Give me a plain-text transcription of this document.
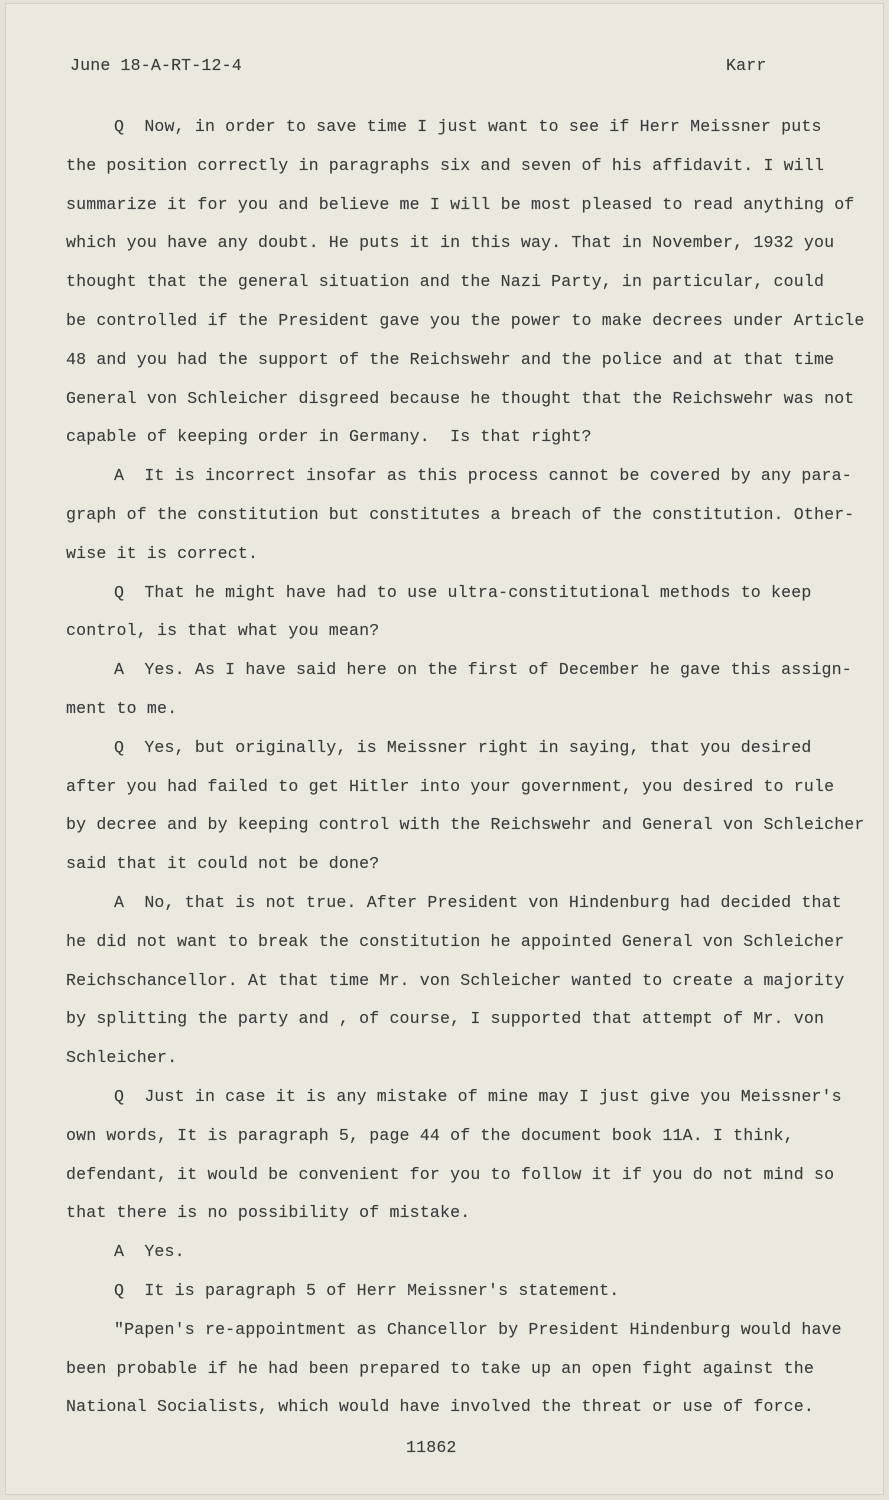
June 18-A-RT-12-4	Karr
Q  Now, in order to save time I just want to see if Herr Meissner puts
the position correctly in paragraphs six and seven of his affidavit. I will
summarize it for you and believe me I will be most pleased to read anything of
which you have any doubt. He puts it in this way. That in November, 1932 you
thought that the general situation and the Nazi Party, in particular, could
be controlled if the President gave you the power to make decrees under Article
48 and you had the support of the Reichswehr and the police and at that time
General von Schleicher disgreed because he thought that the Reichswehr was not
capable of keeping order in Germany.  Is that right?
A  It is incorrect insofar as this process cannot be covered by any para-
graph of the constitution but constitutes a breach of the constitution. Other-
wise it is correct.
Q  That he might have had to use ultra-constitutional methods to keep
control, is that what you mean?
A  Yes. As I have said here on the first of December he gave this assign-
ment to me.
Q  Yes, but originally, is Meissner right in saying, that you desired
after you had failed to get Hitler into your government, you desired to rule
by decree and by keeping control with the Reichswehr and General von Schleicher
said that it could not be done?
A  No, that is not true. After President von Hindenburg had decided that
he did not want to break the constitution he appointed General von Schleicher
Reichschancellor. At that time Mr. von Schleicher wanted to create a majority
by splitting the party and , of course, I supported that attempt of Mr. von
Schleicher.
Q  Just in case it is any mistake of mine may I just give you Meissner's
own words, It is paragraph 5, page 44 of the document book 11A. I think,
defendant, it would be convenient for you to follow it if you do not mind so
that there is no possibility of mistake.
A  Yes.
Q  It is paragraph 5 of Herr Meissner's statement.
"Papen's re-appointment as Chancellor by President Hindenburg would have
been probable if he had been prepared to take up an open fight against the
National Socialists, which would have involved the threat or use of force.
11862
